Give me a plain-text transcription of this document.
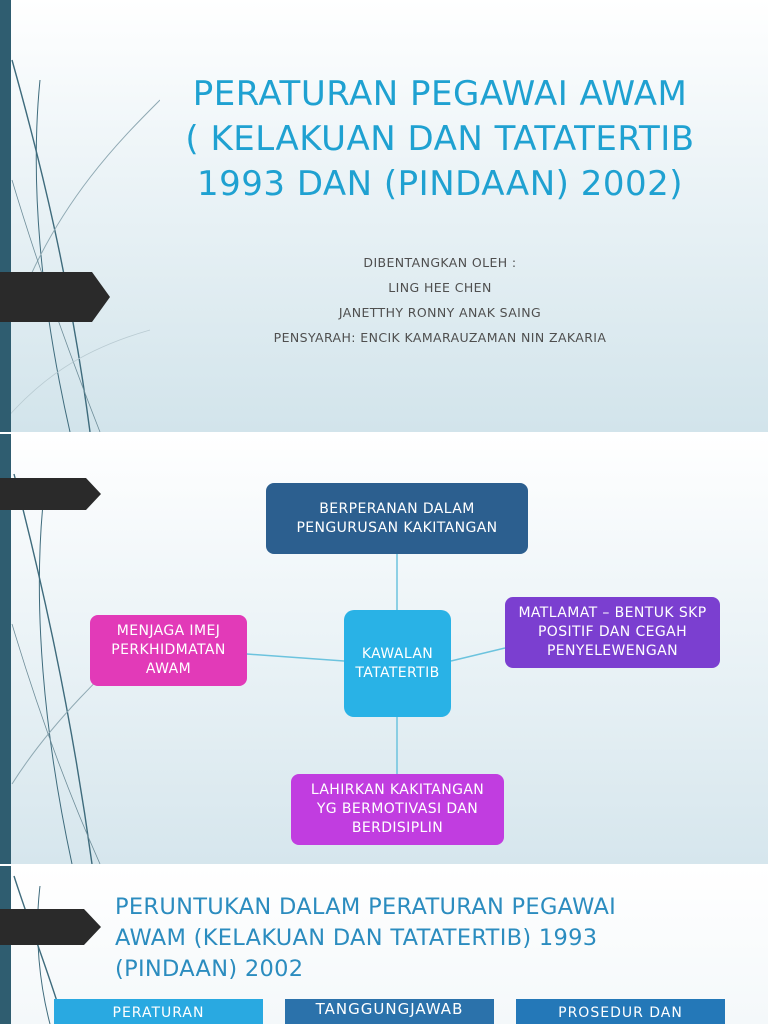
PERATURAN PEGAWAI AWAM
( KELAKUAN DAN TATATERTIB
1993 DAN (PINDAAN) 2002)
DIBENTANGKAN OLEH :
LING HEE CHEN
JANETTHY RONNY ANAK SAING
PENSYARAH: ENCIK KAMARAUZAMAN NIN ZAKARIA
BERPERANAN DALAM
PENGURUSAN KAKITANGAN
KAWALAN
TATATERTIB
MENJAGA IMEJ
PERKHIDMATAN
AWAM
MATLAMAT – BENTUK SKP
POSITIF DAN CEGAH
PENYELEWENGAN
LAHIRKAN KAKITANGAN
YG BERMOTIVASI DAN
BERDISIPLIN
PERUNTUKAN DALAM PERATURAN PEGAWAI
AWAM (KELAKUAN DAN TATATERTIB) 1993
(PINDAAN) 2002
PERATURAN	TANGGUNGJAWAB	PROSEDUR DAN
